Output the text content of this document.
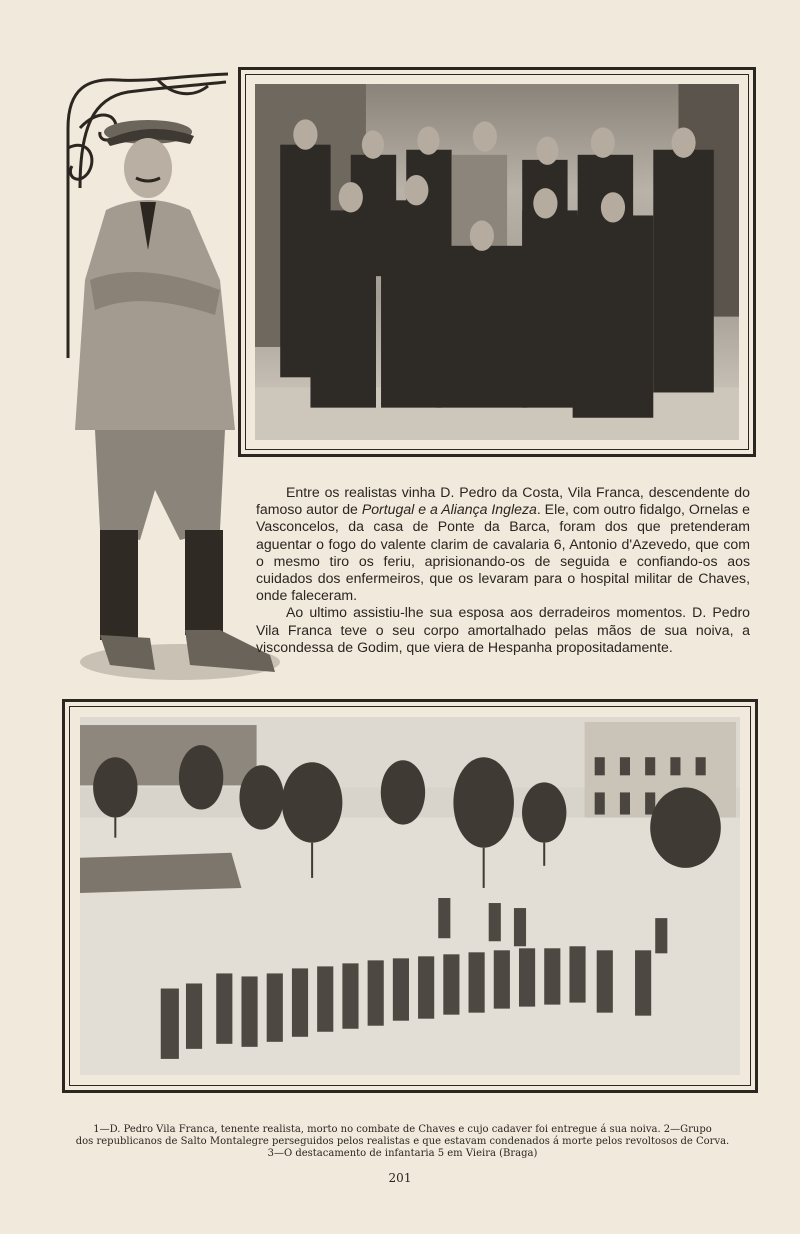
Entre os realistas vinha D. Pedro da Costa, Vila Franca, descendente do famoso autor de Portugal e a Aliança Ingleza. Ele, com outro fidalgo, Ornelas e Vasconcelos, da casa de Ponte da Barca, foram dos que pretenderam aguentar o fogo do valente clarim de cavalaria 6, Antonio d'Azevedo, que com o mesmo tiro os feriu, aprisionando-os de seguida e confiando-os aos cuidados dos enfermeiros, que os levaram para o hospital militar de Chaves, onde faleceram.

Ao ultimo assistiu-lhe sua esposa aos derradeiros momentos. D. Pedro Vila Franca teve o seu corpo amortalhado pelas mãos de sua noiva, a viscondessa de Godim, que viera de Hespanha propositadamente.

1—D. Pedro Vila Franca, tenente realista, morto no combate de Chaves e cujo cadaver foi entregue á sua noiva. 2—Grupo
dos republicanos de Salto Montalegre perseguidos pelos realistas e que estavam condenados á morte pelos revoltosos de Corva.
3—O destacamento de infantaria 5 em Vieira (Braga)
201
